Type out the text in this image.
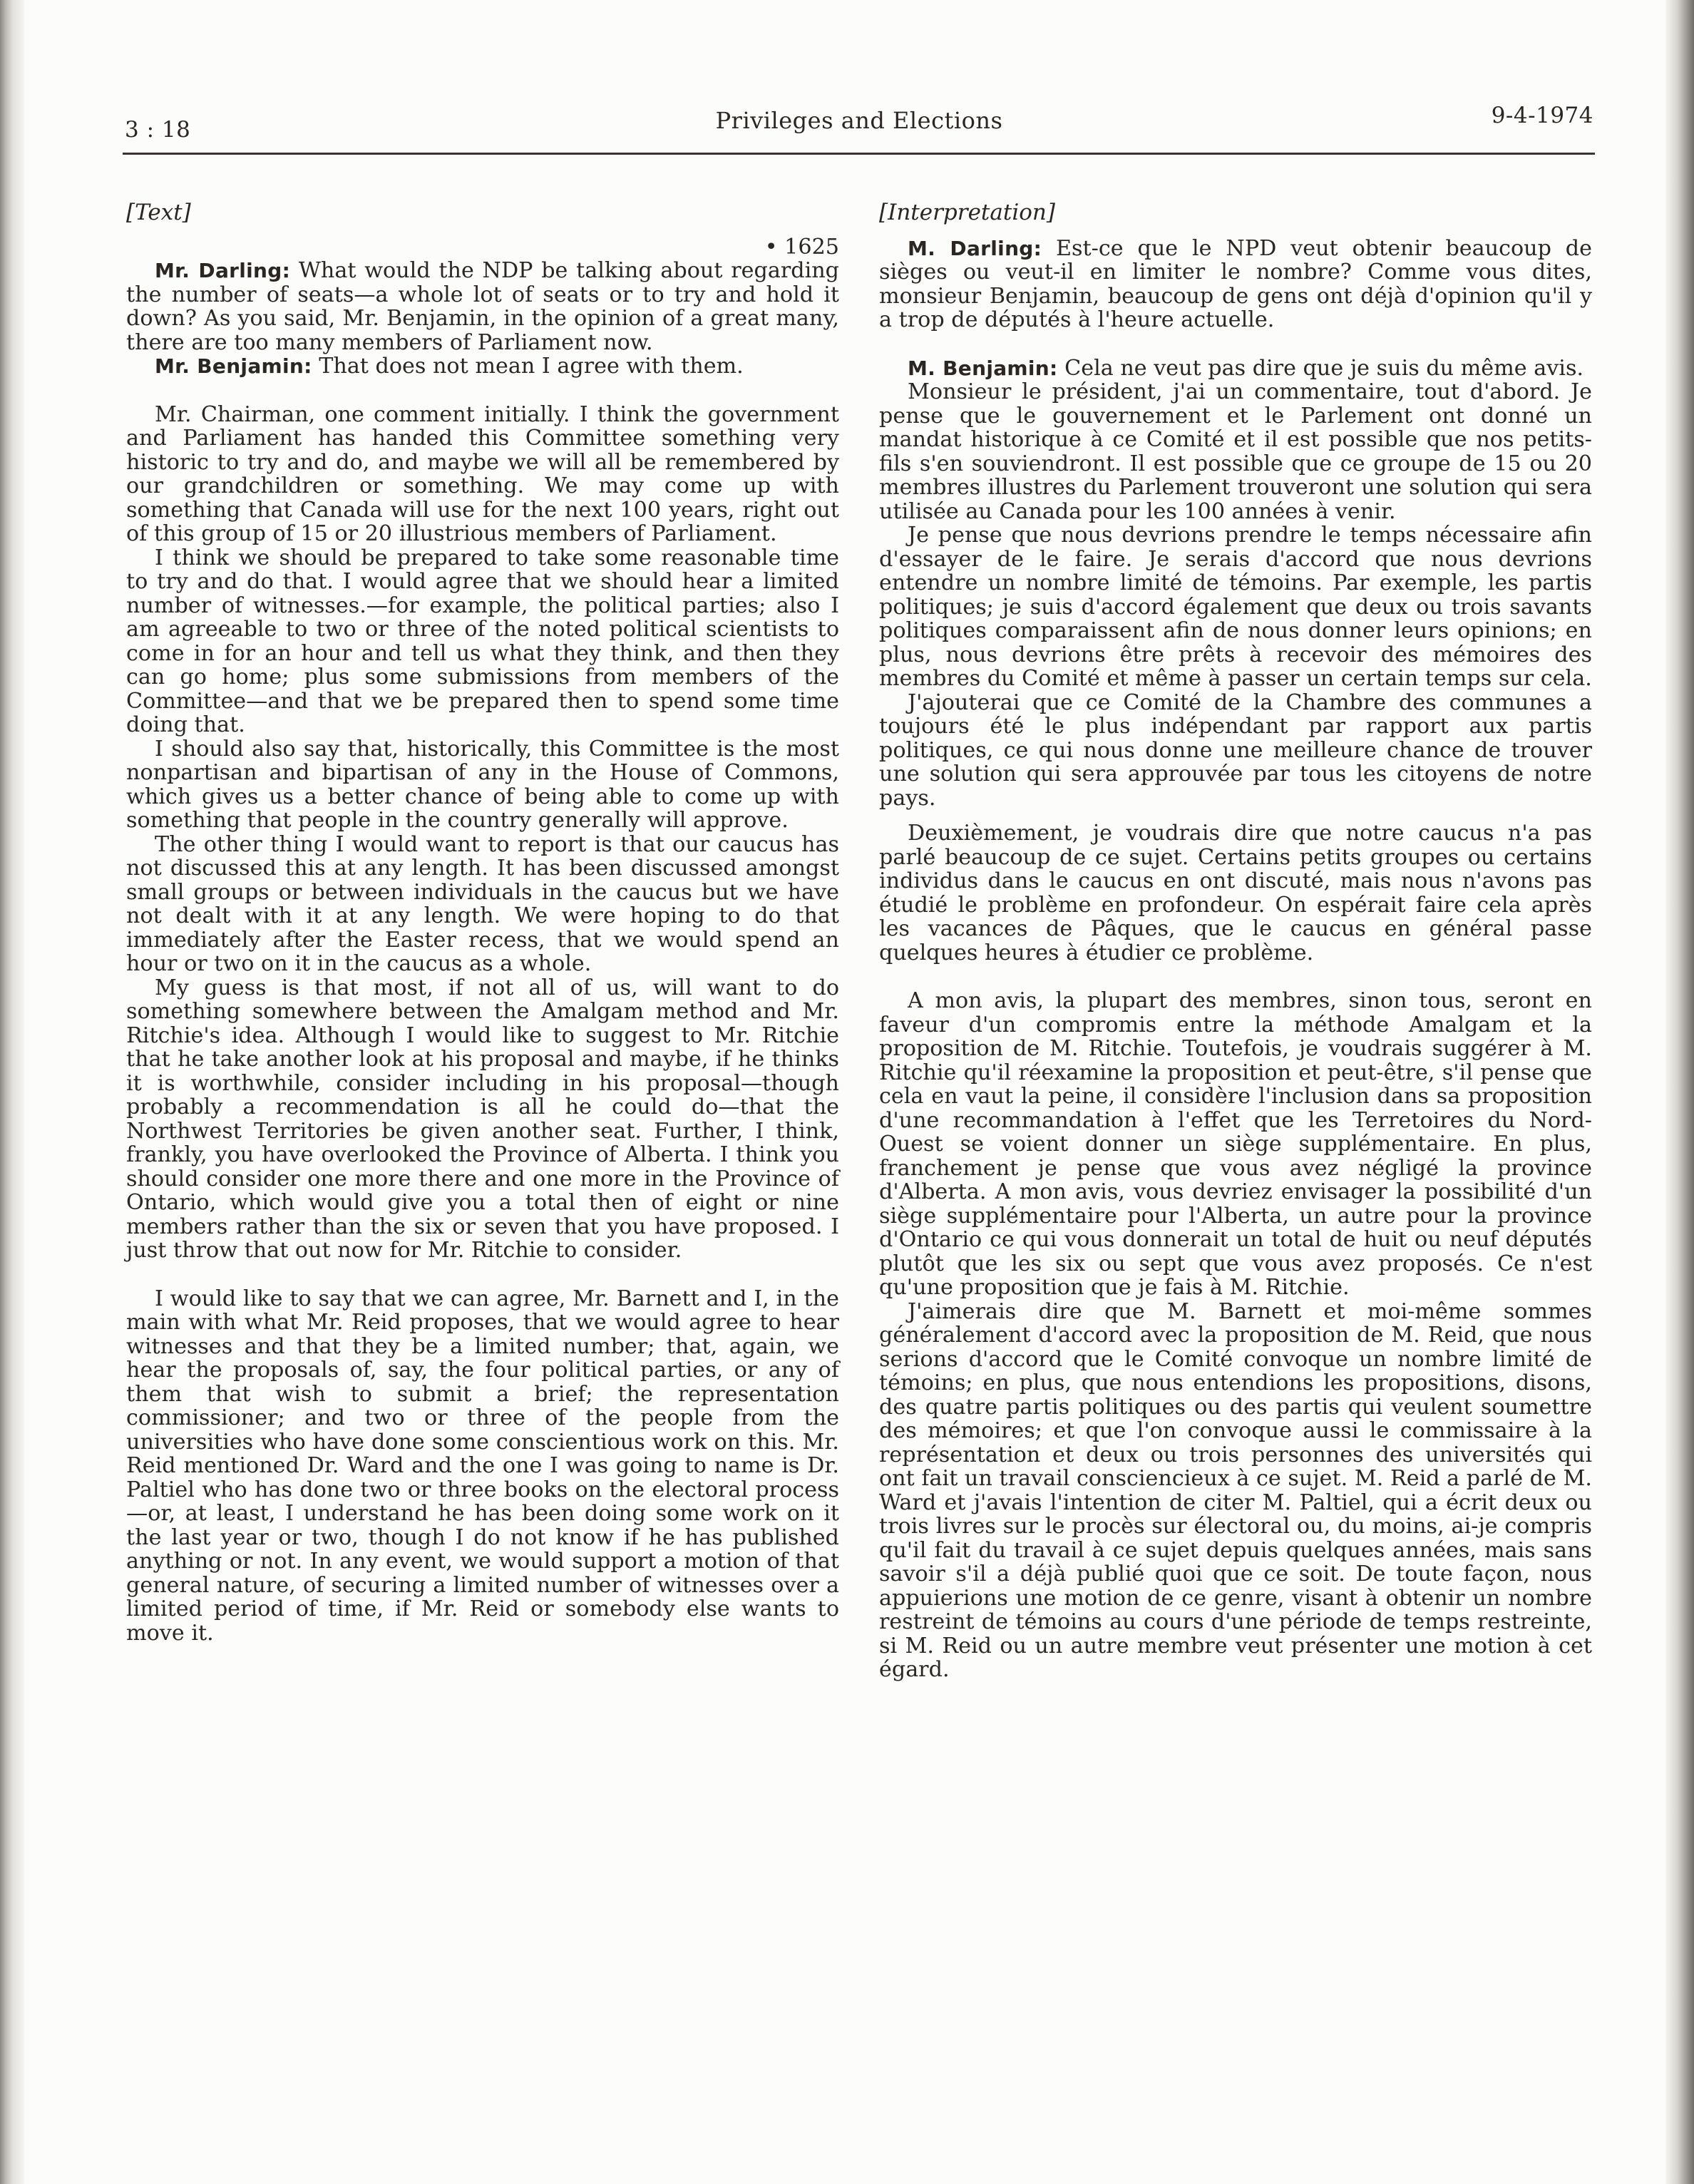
3 : 18	Privileges and Elections	9-4-1974
[Text]
• 1625

Mr. Darling: What would the NDP be talking about regarding the number of seats—a whole lot of seats or to try and hold it down? As you said, Mr. Benjamin, in the opinion of a great many, there are too many members of Parliament now.

Mr. Benjamin: That does not mean I agree with them.

Mr. Chairman, one comment initially. I think the government and Parliament has handed this Committee something very historic to try and do, and maybe we will all be remembered by our grandchildren or something. We may come up with something that Canada will use for the next 100 years, right out of this group of 15 or 20 illustrious members of Parliament.

I think we should be prepared to take some reasonable time to try and do that. I would agree that we should hear a limited number of witnesses.—for example, the political parties; also I am agreeable to two or three of the noted political scientists to come in for an hour and tell us what they think, and then they can go home; plus some submissions from members of the Committee—and that we be prepared then to spend some time doing that.

I should also say that, historically, this Committee is the most nonpartisan and bipartisan of any in the House of Commons, which gives us a better chance of being able to come up with something that people in the country generally will approve.

The other thing I would want to report is that our caucus has not discussed this at any length. It has been discussed amongst small groups or between individuals in the caucus but we have not dealt with it at any length. We were hoping to do that immediately after the Easter recess, that we would spend an hour or two on it in the caucus as a whole.

My guess is that most, if not all of us, will want to do something somewhere between the Amalgam method and Mr. Ritchie's idea. Although I would like to suggest to Mr. Ritchie that he take another look at his proposal and maybe, if he thinks it is worthwhile, consider including in his proposal—though probably a recommendation is all he could do—that the Northwest Territories be given another seat. Further, I think, frankly, you have overlooked the Province of Alberta. I think you should consider one more there and one more in the Province of Ontario, which would give you a total then of eight or nine members rather than the six or seven that you have proposed. I just throw that out now for Mr. Ritchie to consider.

I would like to say that we can agree, Mr. Barnett and I, in the main with what Mr. Reid proposes, that we would agree to hear witnesses and that they be a limited number; that, again, we hear the proposals of, say, the four political parties, or any of them that wish to submit a brief; the representation commissioner; and two or three of the people from the universities who have done some conscientious work on this. Mr. Reid mentioned Dr. Ward and the one I was going to name is Dr. Paltiel who has done two or three books on the electoral process—or, at least, I understand he has been doing some work on it the last year or two, though I do not know if he has published anything or not. In any event, we would support a motion of that general nature, of securing a limited number of witnesses over a limited period of time, if Mr. Reid or somebody else wants to move it.

[Interpretation]

M. Darling: Est-ce que le NPD veut obtenir beaucoup de sièges ou veut-il en limiter le nombre? Comme vous dites, monsieur Benjamin, beaucoup de gens ont déjà d'opinion qu'il y a trop de députés à l'heure actuelle.

M. Benjamin: Cela ne veut pas dire que je suis du même avis.

Monsieur le président, j'ai un commentaire, tout d'abord. Je pense que le gouvernement et le Parlement ont donné un mandat historique à ce Comité et il est possible que nos petits-fils s'en souviendront. Il est possible que ce groupe de 15 ou 20 membres illustres du Parlement trouveront une solution qui sera utilisée au Canada pour les 100 années à venir.

Je pense que nous devrions prendre le temps nécessaire afin d'essayer de le faire. Je serais d'accord que nous devrions entendre un nombre limité de témoins. Par exemple, les partis politiques; je suis d'accord également que deux ou trois savants politiques comparaissent afin de nous donner leurs opinions; en plus, nous devrions être prêts à recevoir des mémoires des membres du Comité et même à passer un certain temps sur cela.

J'ajouterai que ce Comité de la Chambre des communes a toujours été le plus indépendant par rapport aux partis politiques, ce qui nous donne une meilleure chance de trouver une solution qui sera approuvée par tous les citoyens de notre pays.

Deuxièmement, je voudrais dire que notre caucus n'a pas parlé beaucoup de ce sujet. Certains petits groupes ou certains individus dans le caucus en ont discuté, mais nous n'avons pas étudié le problème en profondeur. On espérait faire cela après les vacances de Pâques, que le caucus en général passe quelques heures à étudier ce problème.

A mon avis, la plupart des membres, sinon tous, seront en faveur d'un compromis entre la méthode Amalgam et la proposition de M. Ritchie. Toutefois, je voudrais suggérer à M. Ritchie qu'il réexamine la proposition et peut-être, s'il pense que cela en vaut la peine, il considère l'inclusion dans sa proposition d'une recommandation à l'effet que les Terretoires du Nord-Ouest se voient donner un siège supplémentaire. En plus, franchement je pense que vous avez négligé la province d'Alberta. A mon avis, vous devriez envisager la possibilité d'un siège supplémentaire pour l'Alberta, un autre pour la province d'Ontario ce qui vous donnerait un total de huit ou neuf députés plutôt que les six ou sept que vous avez proposés. Ce n'est qu'une proposition que je fais à M. Ritchie.

J'aimerais dire que M. Barnett et moi-même sommes généralement d'accord avec la proposition de M. Reid, que nous serions d'accord que le Comité convoque un nombre limité de témoins; en plus, que nous entendions les propositions, disons, des quatre partis politiques ou des partis qui veulent soumettre des mémoires; et que l'on convoque aussi le commissaire à la représentation et deux ou trois personnes des universités qui ont fait un travail consciencieux à ce sujet. M. Reid a parlé de M. Ward et j'avais l'intention de citer M. Paltiel, qui a écrit deux ou trois livres sur le procès sur électoral ou, du moins, ai-je compris qu'il fait du travail à ce sujet depuis quelques années, mais sans savoir s'il a déjà publié quoi que ce soit. De toute façon, nous appuierions une motion de ce genre, visant à obtenir un nombre restreint de témoins au cours d'une période de temps restreinte, si M. Reid ou un autre membre veut présenter une motion à cet égard.
